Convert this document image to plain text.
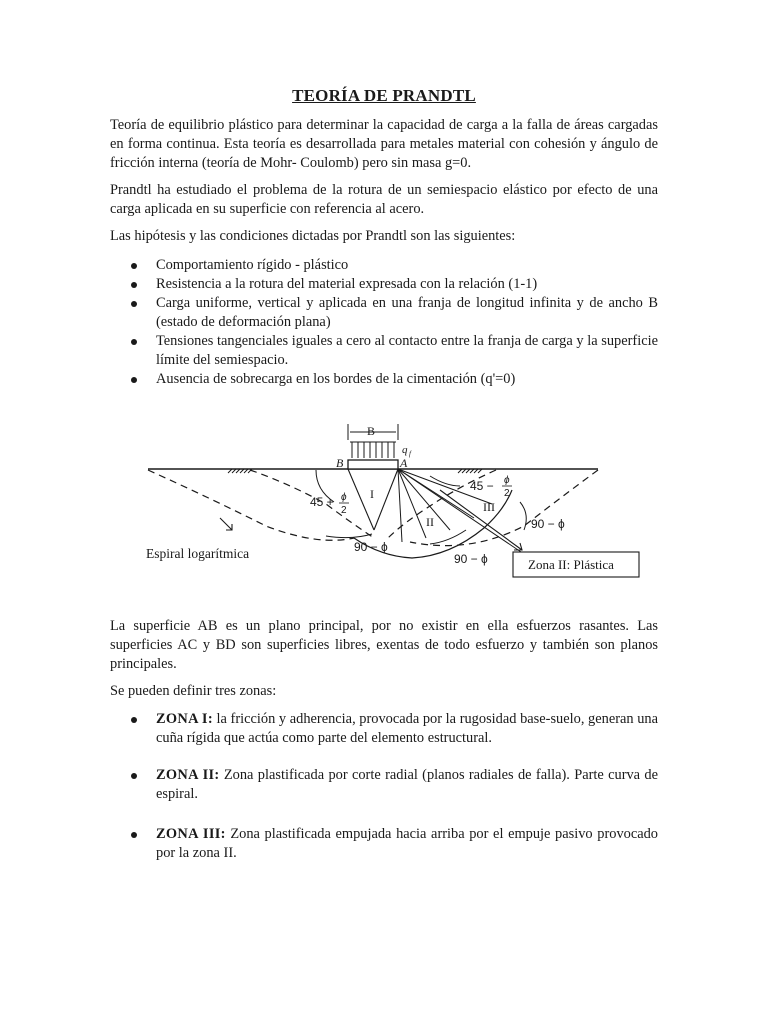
TEORÍA DE PRANDTL

Teoría de equilibrio plástico para determinar la capacidad de carga a la falla de áreas cargadas en forma continua. Esta teoría es desarrollada para metales material con cohesión y ángulo de fricción interna (teoría de Mohr- Coulomb) pero sin masa g=0.

Prandtl ha estudiado el problema de la rotura de un semiespacio elástico por efecto de una carga aplicada en su superficie con referencia al acero.

Las hipótesis y las condiciones dictadas por Prandtl son las siguientes:

Comportamiento rígido - plástico
Resistencia a la rotura del material expresada con la relación (1-1)
Carga uniforme, vertical y aplicada en una franja de longitud infinita y de ancho B (estado de deformación plana)
Tensiones tangenciales iguales a cero al contacto entre la franja de carga y la superficie límite del semiespacio.
Ausencia de sobrecarga en los bordes de la cimentación (q'=0)
B
q f
B	A
I
II
III
45 + ϕ
2
45 − ϕ
2
90 − ϕ
90 − ϕ
90 − ϕ
Espiral logarítmica
Zona II: Plástica

La superficie AB es un plano principal, por no existir en ella esfuerzos rasantes. Las superficies AC y BD son superficies libres, exentas de todo esfuerzo y también son planos principales.

Se pueden definir tres zonas:

ZONA I: la fricción y adherencia, provocada por la rugosidad base-suelo, generan una cuña rígida que actúa como parte del elemento estructural.
ZONA II: Zona plastificada por corte radial (planos radiales de falla). Parte curva de espiral.
ZONA III: Zona plastificada empujada hacia arriba por el empuje pasivo provocado por la zona II.
